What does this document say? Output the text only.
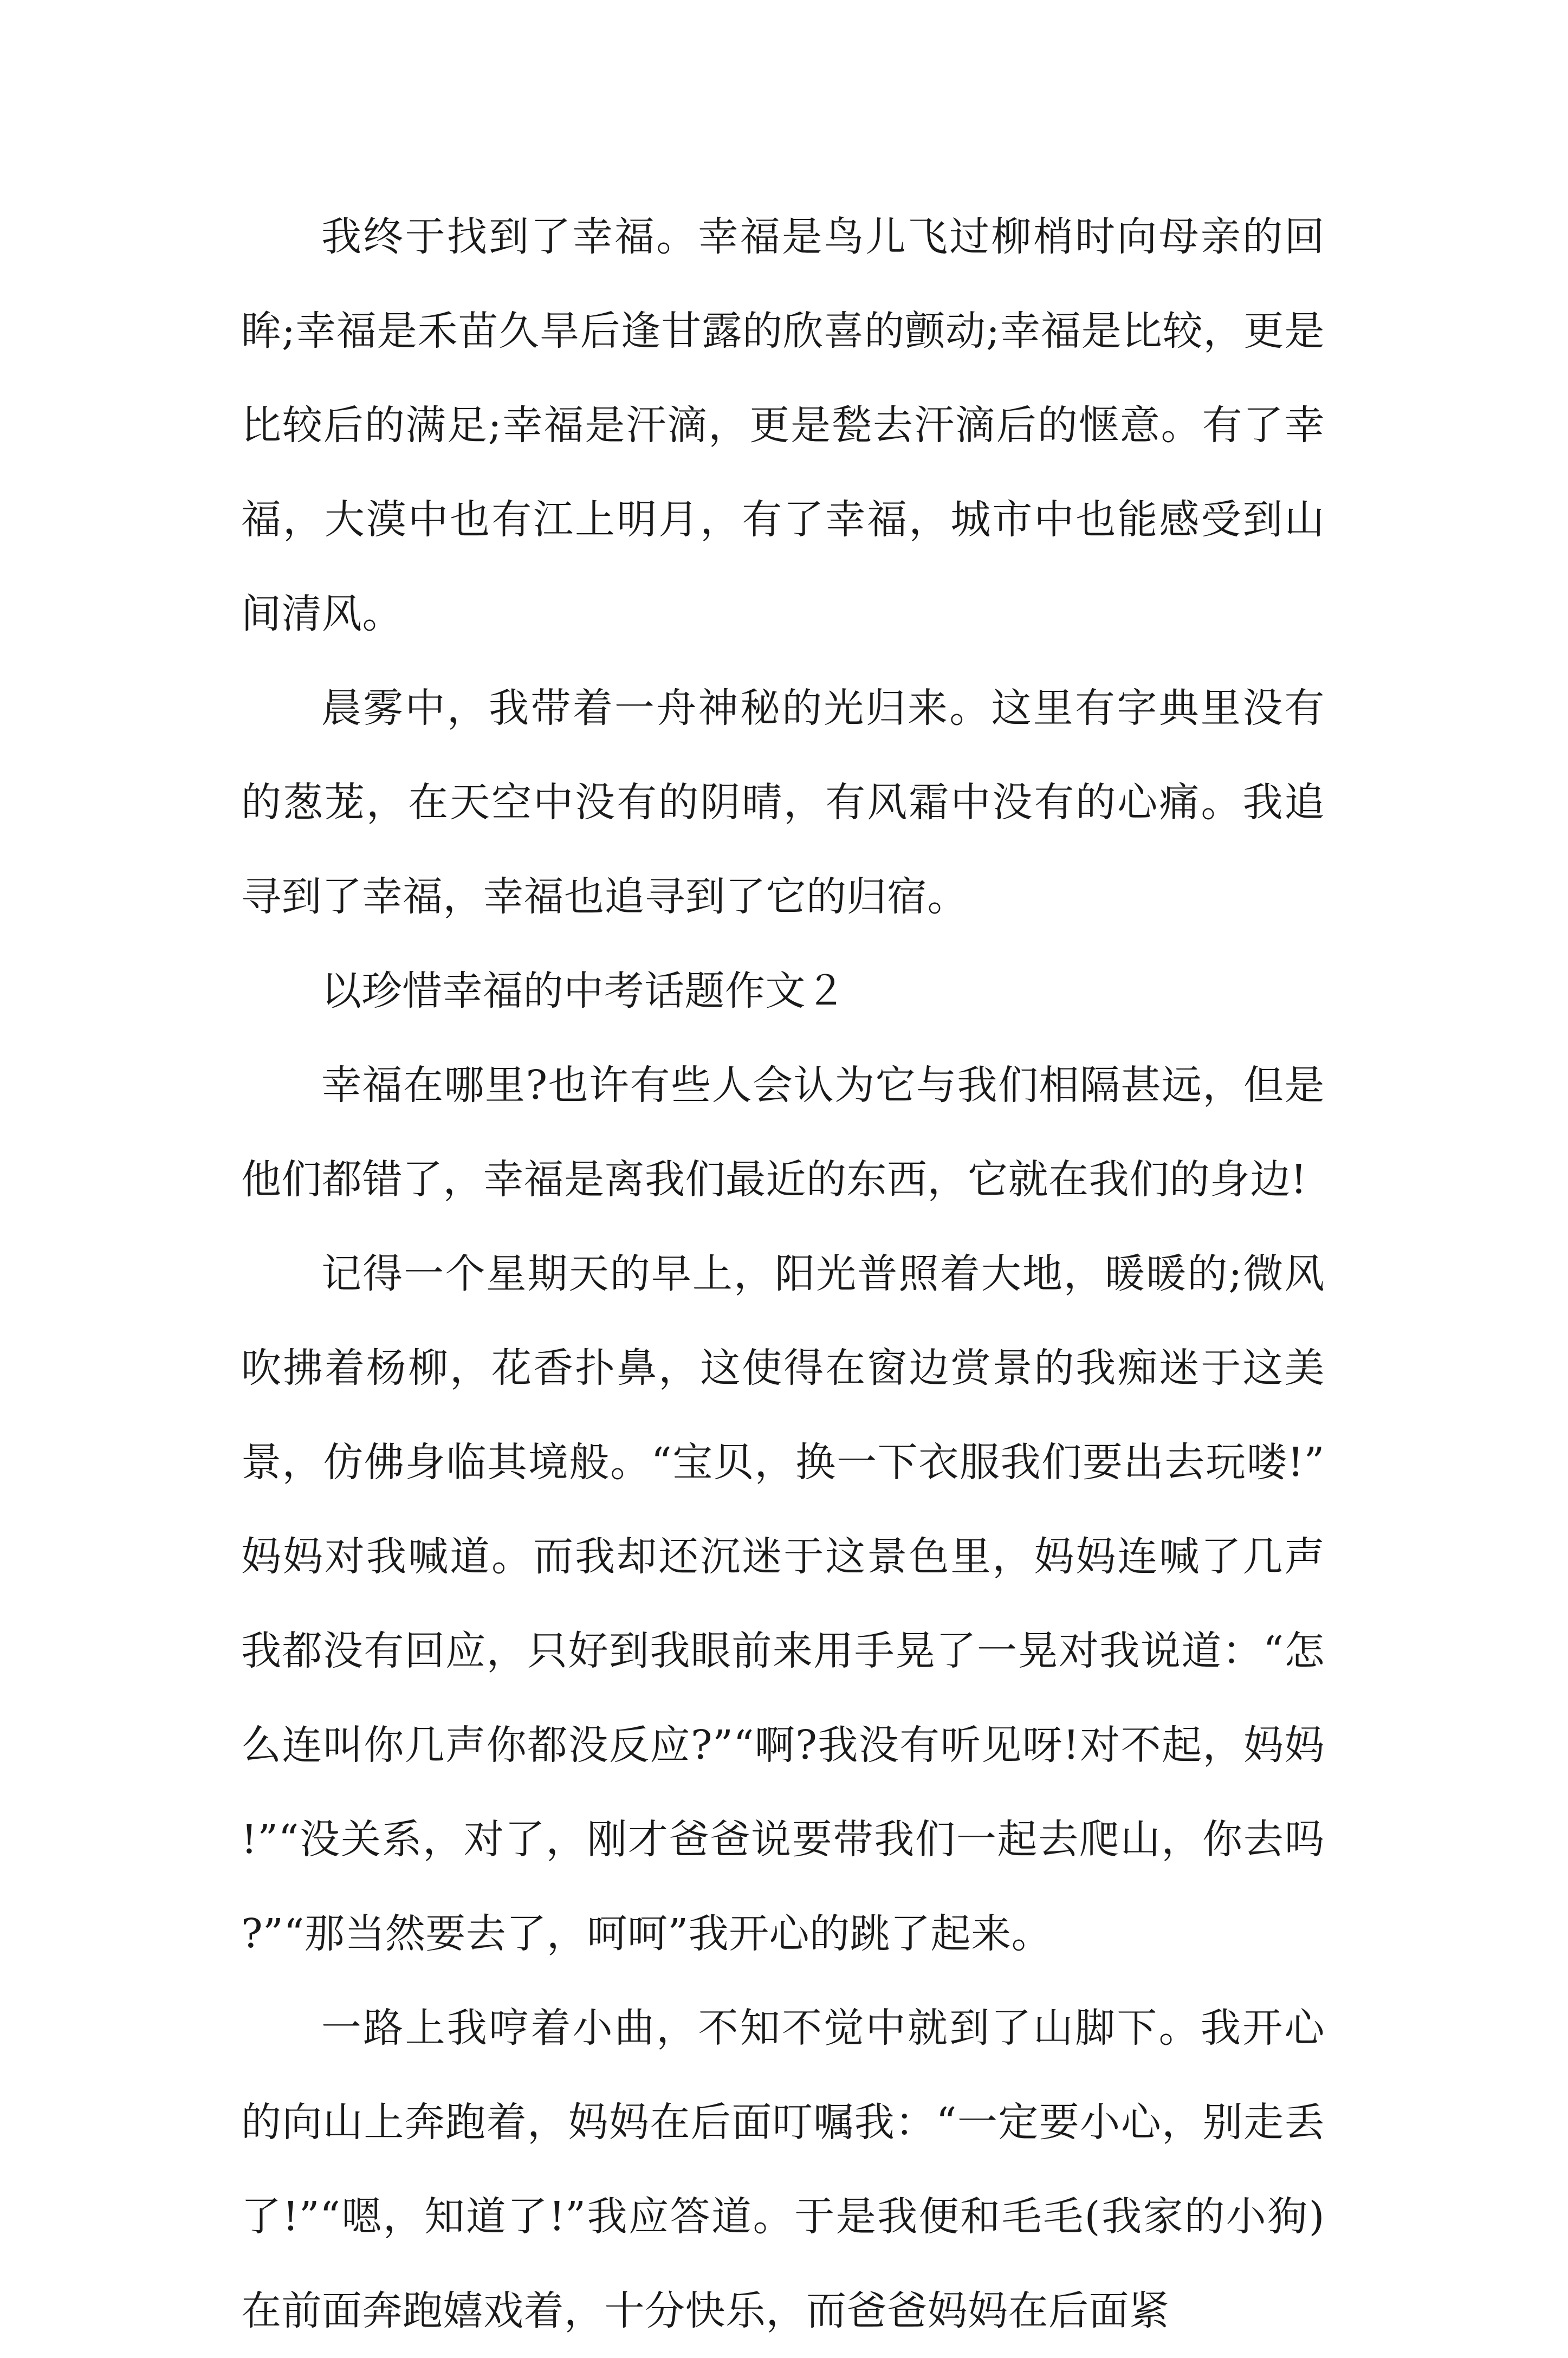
我终于找到了幸福。幸福是鸟儿飞过柳梢时向母亲的回眸;幸福是禾苗久旱后逢甘露的欣喜的颤动;幸福是比较，更是比较后的满足;幸福是汗滴，更是甃去汗滴后的惬意。有了幸福，大漠中也有江上明月，有了幸福，城市中也能感受到山间清风。

晨雾中，我带着一舟神秘的光归来。这里有字典里没有的葱茏，在天空中没有的阴晴，有风霜中没有的心痛。我追寻到了幸福，幸福也追寻到了它的归宿。

以珍惜幸福的中考话题作文２

幸福在哪里?也许有些人会认为它与我们相隔甚远，但是他们都错了，幸福是离我们最近的东西，它就在我们的身边!

记得一个星期天的早上，阳光普照着大地，暖暖的;微风吹拂着杨柳，花香扑鼻，这使得在窗边赏景的我痴迷于这美景，仿佛身临其境般。“宝贝，换一下衣服我们要出去玩喽!”妈妈对我喊道。而我却还沉迷于这景色里，妈妈连喊了几声我都没有回应，只好到我眼前来用手晃了一晃对我说道：“怎么连叫你几声你都没反应?”“啊?我没有听见呀!对不起，妈妈!”“没关系，对了，刚才爸爸说要带我们一起去爬山，你去吗?”“那当然要去了，呵呵”我开心的跳了起来。

一路上我哼着小曲，不知不觉中就到了山脚下。我开心的向山上奔跑着，妈妈在后面叮嘱我：“一定要小心，别走丢了!”“嗯，知道了!”我应答道。于是我便和毛毛(我家的小狗)在前面奔跑嬉戏着，十分快乐，而爸爸妈妈在后面紧
